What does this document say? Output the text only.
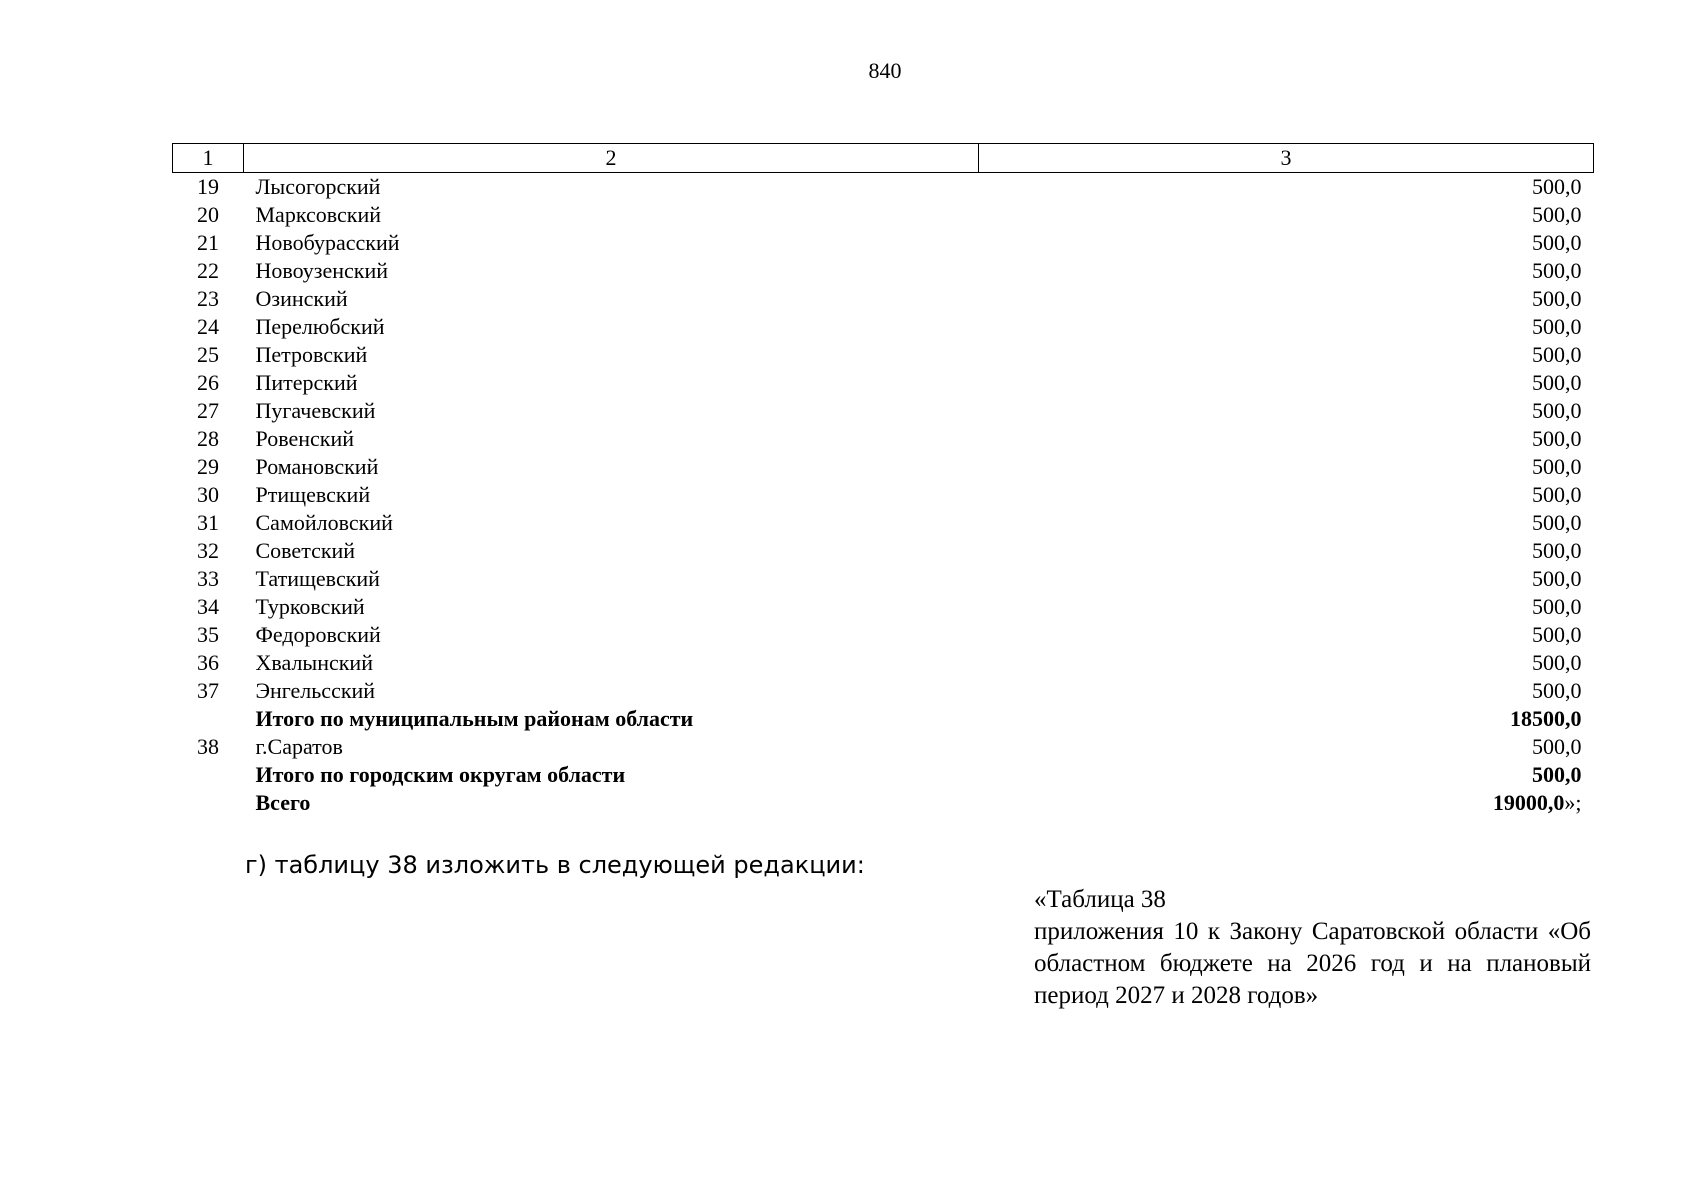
840
1	2	3
19	Лысогорский	500,0
20	Марксовский	500,0
21	Новобурасский	500,0
22	Новоузенский	500,0
23	Озинский	500,0
24	Перелюбский	500,0
25	Петровский	500,0
26	Питерский	500,0
27	Пугачевский	500,0
28	Ровенский	500,0
29	Романовский	500,0
30	Ртищевский	500,0
31	Самойловский	500,0
32	Советский	500,0
33	Татищевский	500,0
34	Турковский	500,0
35	Федоровский	500,0
36	Хвалынский	500,0
37	Энгельсский	500,0
	Итого по муниципальным районам области	18500,0
38	г.Саратов	500,0
	Итого по городским округам области	500,0
	Всего	19000,0»;
г) таблицу 38 изложить в следующей редакции:
«Таблица 38
приложения 10 к Закону Саратовской области «Об областном бюджете на 2026 год и на плановый период 2027 и 2028 годов»
